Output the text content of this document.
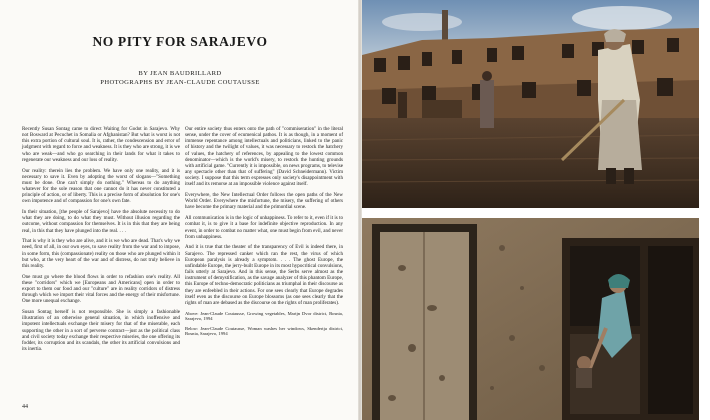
NO PITY FOR SARAJEVO
BY JEAN BAUDRILLARD
PHOTOGRAPHS BY JEAN-CLAUDE COUTAUSSE

Recently Susan Sontag came to direct Waiting for Godot in Sarajevo. Why not Bosward at Pecuchet in Somalia or Afghanistan? But what is worst is not this extra portion of cultural soul. It is, rather, the condescension and error of judgment with regard to force and weakness. It is they who are strong, it is we who are weak—and who go searching in their lands for what it takes to regenerate our weakness and our loss of reality.

Our reality: therein lies the problem. We have only one reality, and it is necessary to save it. Even by adopting the worst of slogans—"Something must be done. One can't simply do nothing." Whereas to do anything whatever for the sole reason that one cannot do it has never constituted a principle of action, or of liberty. This is a precise form of absolution for one's own impotence and of compassion for one's own fate.

In their situation, [the people of Sarajevo] have the absolute necessity to do what they are doing, to do what they must. Without illusion regarding the outcome, without compassion for themselves. It is in this that they are being real, in this that they have plunged into the real. . . .

That is why it is they who are alive, and it is we who are dead. That's why we need, first of all, in our own eyes, to save reality from the war and to impose, in some form, this (compassionate) reality on those who are plunged within it but who, at the very heart of the war and of distress, do not truly believe in this reality.

One must go where the blood flows in order to refashion one's reality. All these "corridors" which we [Europeans and Americans] open in order to export to them our food and our "culture" are in reality corridors of distress through which we import their vital forces and the energy of their misfortune. One more unequal exchange.

Susan Sontag herself is not responsible. She is simply a fashionable illustration of an otherwise general situation, in which inoffensive and impotent intellectuals exchange their misery for that of the miserable, each supporting the other in a sort of perverse contract—just as the political class and civil society today exchange their respective miseries, the one offering its fodder, its corruption and its scandals, the other its artificial convulsions and its inertia.

Our entire society thus enters onto the path of "commiseration" in the literal sense, under the cover of ecumenical pathos. It is as though, in a moment of immense repentance among intellectuals and politicians, linked to the panic of history and the twilight of values, it was necessary to restock the hatchery of values, the hatchery of references, by appealing to the lowest common denominator—which is the world's misery, to restock the hunting grounds with artificial game. "Currently it is impossible, on news programs, to televise any spectacle other than that of suffering" (David Schneidermann). Victim society. I suppose that this term expresses only society's disappointment with itself and its remorse at an impossible violence against itself.

Everywhere, the New Intellectual Order follows the open paths of the New World Order. Everywhere the misfortune, the misery, the suffering of others have become the primary material and the primordial scene.

All communication is in the logic of unhappiness. To refer to it, even if it is to combat it, is to give it a base for indefinite objective reproduction. In any event, in order to combat no matter what, one must begin from evil, and never from unhappiness.

And it is true that the theater of the transparency of Evil is indeed there, in Sarajevo. The repressed canker which ran the rest, the virus of which European paralysis is already a symptom. . . . The ghost Europe, the unfindable Europe, the jerry-built Europe in its most hypocritical convulsions, fails utterly at Sarajevo. And in this sense, the Serbs serve almost as the instrument of demystification, as the savage analyzer of this phantom Europe, this Europe of techno-democratic politicians as triumphal in their discourse as they are enfeebled in their actions. For one sees clearly that Europe degrades itself even as the discourse on Europe blossoms (as one sees clearly that the rights of man are debased as the discourse on the rights of man proliferates).

Above: Jean-Claude Coutausse, Growing vegetables, Marijn Dvor district, Bosnia, Sarajevo, 1994
Below: Jean-Claude Coutausse, Woman washes her windows, Skenderija district, Bosnia, Sarajevo, 1994
44
